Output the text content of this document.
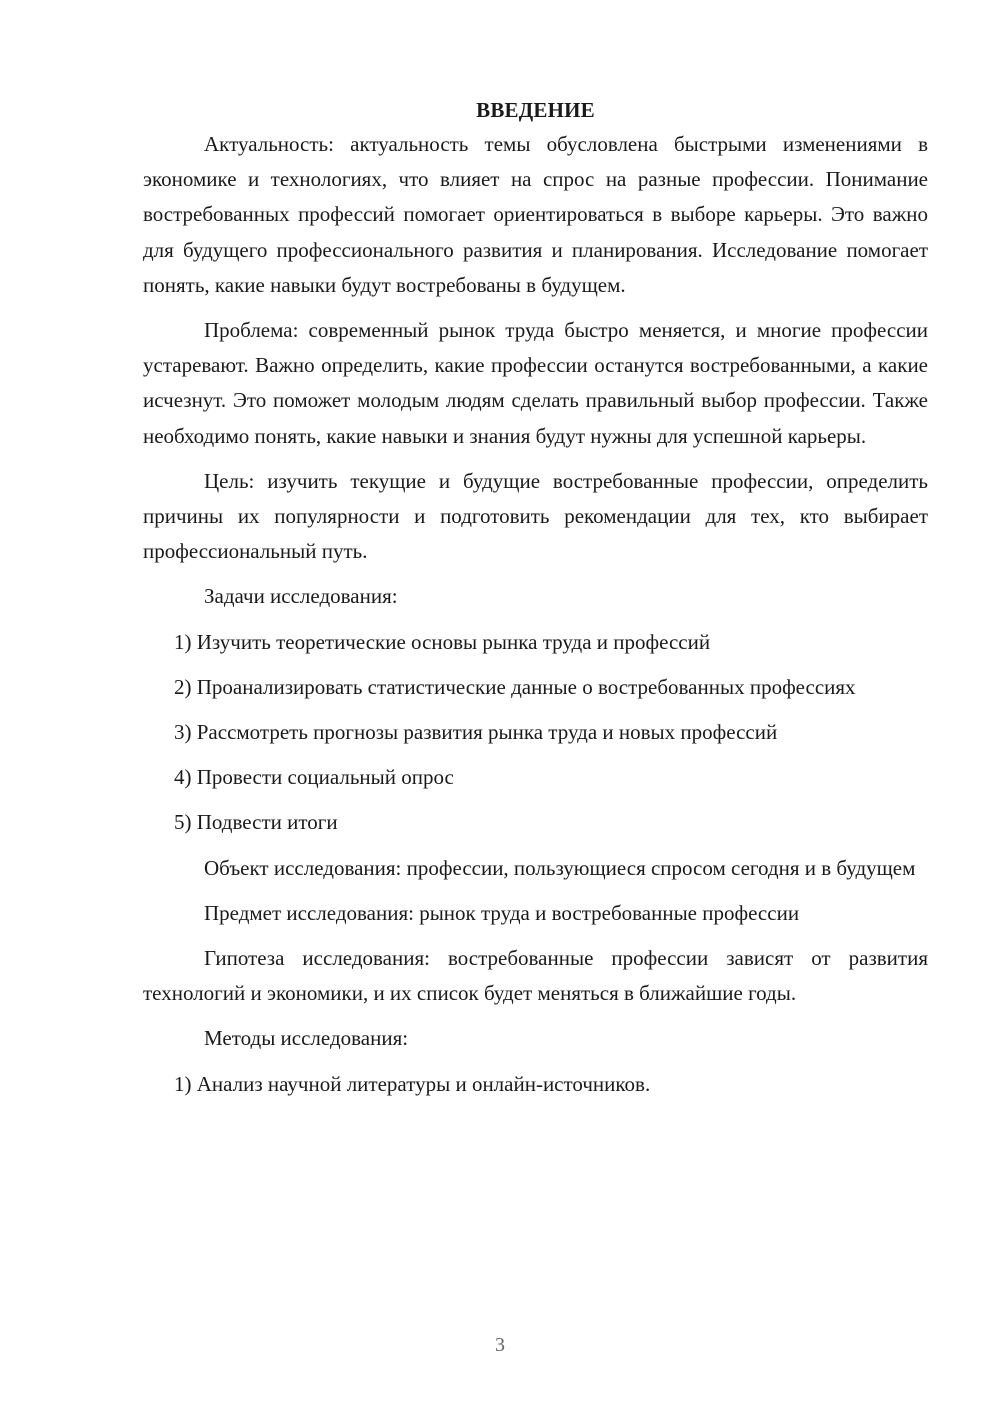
ВВЕДЕНИЕ

Актуальность: актуальность темы обусловлена быстрыми изменениями в экономике и технологиях, что влияет на спрос на разные профессии. Понимание востребованных профессий помогает ориентироваться в выборе карьеры. Это важно для будущего профессионального развития и планирования. Исследование помогает понять, какие навыки будут востребованы в будущем.

Проблема: современный рынок труда быстро меняется, и многие профессии устаревают. Важно определить, какие профессии останутся востребованными, а какие исчезнут. Это поможет молодым людям сделать правильный выбор профессии. Также необходимо понять, какие навыки и знания будут нужны для успешной карьеры.

Цель: изучить текущие и будущие востребованные профессии, определить причины их популярности и подготовить рекомендации для тех, кто выбирает профессиональный путь.

Задачи исследования:

1) Изучить теоретические основы рынка труда и профессий

2) Проанализировать статистические данные о востребованных профессиях

3) Рассмотреть прогнозы развития рынка труда и новых профессий

4) Провести социальный опрос

5) Подвести итоги

Объект исследования: профессии, пользующиеся спросом сегодня и в будущем

Предмет исследования: рынок труда и востребованные профессии

Гипотеза исследования: востребованные профессии зависят от развития технологий и экономики, и их список будет меняться в ближайшие годы.

Методы исследования:

1) Анализ научной литературы и онлайн-источников.

3
